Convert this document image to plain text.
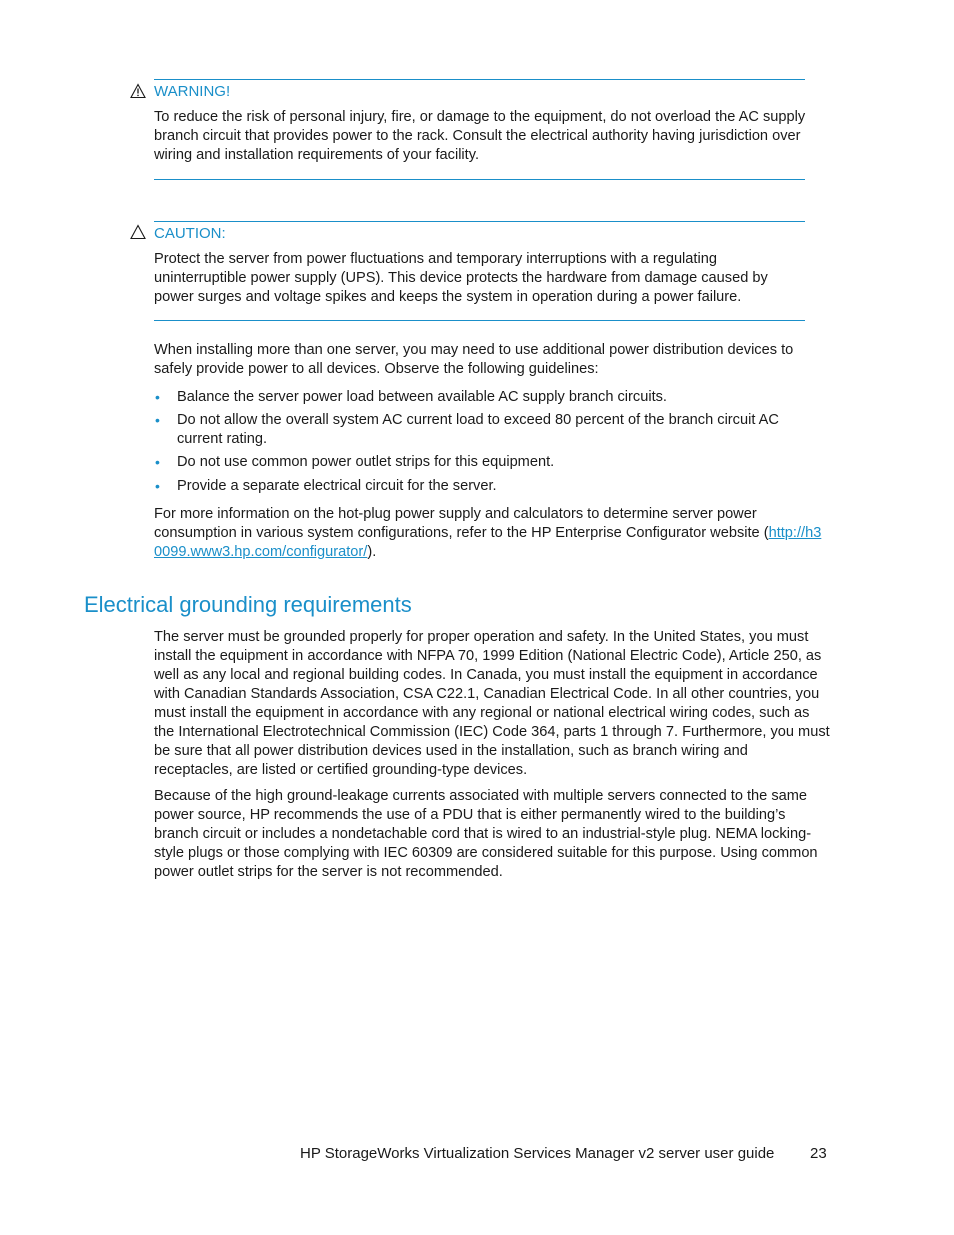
WARNING!
To reduce the risk of personal injury, fire, or damage to the equipment, do not overload the AC supply branch circuit that provides power to the rack. Consult the electrical authority having jurisdiction over wiring and installation requirements of your facility.
CAUTION:
Protect the server from power fluctuations and temporary interruptions with a regulating uninterruptible power supply (UPS). This device protects the hardware from damage caused by power surges and voltage spikes and keeps the system in operation during a power failure.

When installing more than one server, you may need to use additional power distribution devices to safely provide power to all devices. Observe the following guidelines:

• Balance the server power load between available AC supply branch circuits.
• Do not allow the overall system AC current load to exceed 80 percent of the branch circuit AC current rating.
• Do not use common power outlet strips for this equipment.
• Provide a separate electrical circuit for the server.

For more information on the hot-plug power supply and calculators to determine server power consumption in various system configurations, refer to the HP Enterprise Configurator website (http://h30099.www3.hp.com/configurator/).

Electrical grounding requirements

The server must be grounded properly for proper operation and safety. In the United States, you must install the equipment in accordance with NFPA 70, 1999 Edition (National Electric Code), Article 250, as well as any local and regional building codes. In Canada, you must install the equipment in accordance with Canadian Standards Association, CSA C22.1, Canadian Electrical Code. In all other countries, you must install the equipment in accordance with any regional or national electrical wiring codes, such as the International Electrotechnical Commission (IEC) Code 364, parts 1 through 7. Furthermore, you must be sure that all power distribution devices used in the installation, such as branch wiring and receptacles, are listed or certified grounding-type devices.

Because of the high ground-leakage currents associated with multiple servers connected to the same power source, HP recommends the use of a PDU that is either permanently wired to the building’s branch circuit or includes a nondetachable cord that is wired to an industrial-style plug. NEMA locking-style plugs or those complying with IEC 60309 are considered suitable for this purpose. Using common power outlet strips for the server is not recommended.

HP StorageWorks Virtualization Services Manager v2 server user guide 23
